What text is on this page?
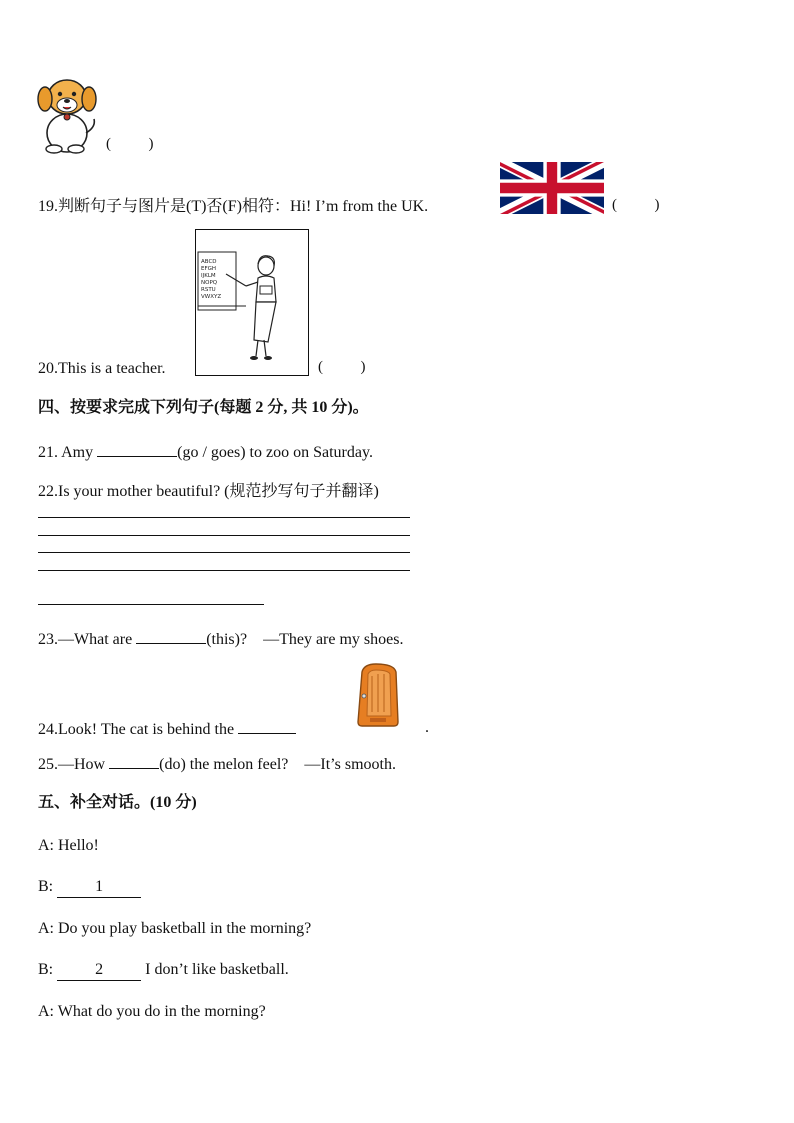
(          )
19.判断句子与图片是(T)否(F)相符：Hi! I’m from the UK.	(          )
20.This is a teacher.
ABCD
EFGH
IJKLM
NOPQ
RSTU
VWXYZ
(          )
四、按要求完成下列句子(每题 2 分, 共 10 分)。
21. Amy	(go / goes) to zoo on Saturday.
22.Is your mother beautiful? (规范抄写句子并翻译)
23.—What are	(this)? —They are my shoes.
24.Look! The cat is behind the	.
25.—How	(do) the melon feel? —It’s smooth.
五、补全对话。(10 分)
A: Hello!
B:	1
A: Do you play basketball in the morning?
B:	2	I don’t like basketball.
A: What do you do in the morning?
